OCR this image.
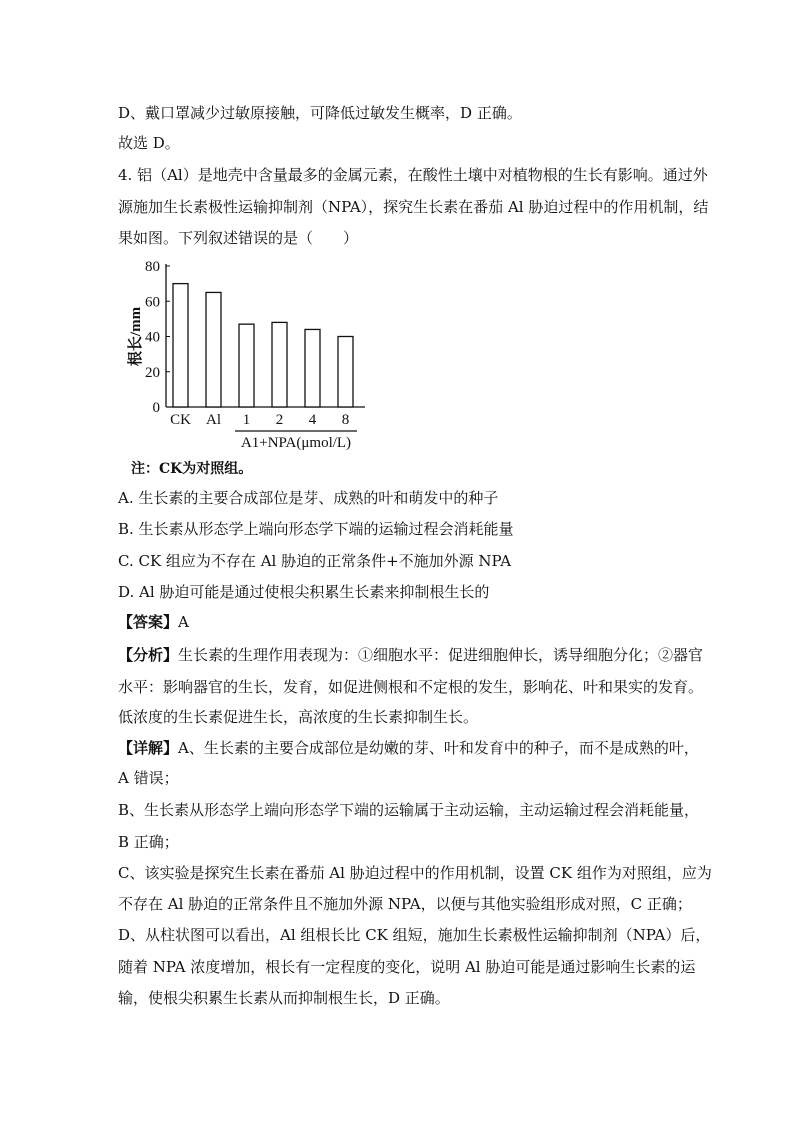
D、戴口罩减少过敏原接触，可降低过敏发生概率，D 正确。
故选 D。
4. 铝（Al）是地壳中含量最多的金属元素，在酸性土壤中对植物根的生长有影响。通过外
源施加生长素极性运输抑制剂（NPA），探究生长素在番茄 Al 胁迫过程中的作用机制，结
果如图。下列叙述错误的是（　　）
0
20
40
60
80
根长/mm
CK Al 1 2 4 8
A1+NPA(μmol/L)
注：CK为对照组。
A. 生长素的主要合成部位是芽、成熟的叶和萌发中的种子
B. 生长素从形态学上端向形态学下端的运输过程会消耗能量
C. CK 组应为不存在 Al 胁迫的正常条件+不施加外源 NPA
D. Al 胁迫可能是通过使根尖积累生长素来抑制根生长的
【答案】A
【分析】生长素的生理作用表现为：①细胞水平：促进细胞伸长，诱导细胞分化；②器官
水平：影响器官的生长，发育，如促进侧根和不定根的发生，影响花、叶和果实的发育。
低浓度的生长素促进生长，高浓度的生长素抑制生长。
【详解】A、生长素的主要合成部位是幼嫩的芽、叶和发育中的种子，而不是成熟的叶，
A 错误；
B、生长素从形态学上端向形态学下端的运输属于主动运输，主动运输过程会消耗能量，
B 正确；
C、该实验是探究生长素在番茄 Al 胁迫过程中的作用机制，设置 CK 组作为对照组，应为
不存在 Al 胁迫的正常条件且不施加外源 NPA，以便与其他实验组形成对照，C 正确；
D、从柱状图可以看出，Al 组根长比 CK 组短，施加生长素极性运输抑制剂（NPA）后，
随着 NPA 浓度增加，根长有一定程度的变化，说明 Al 胁迫可能是通过影响生长素的运
输，使根尖积累生长素从而抑制根生长，D 正确。
